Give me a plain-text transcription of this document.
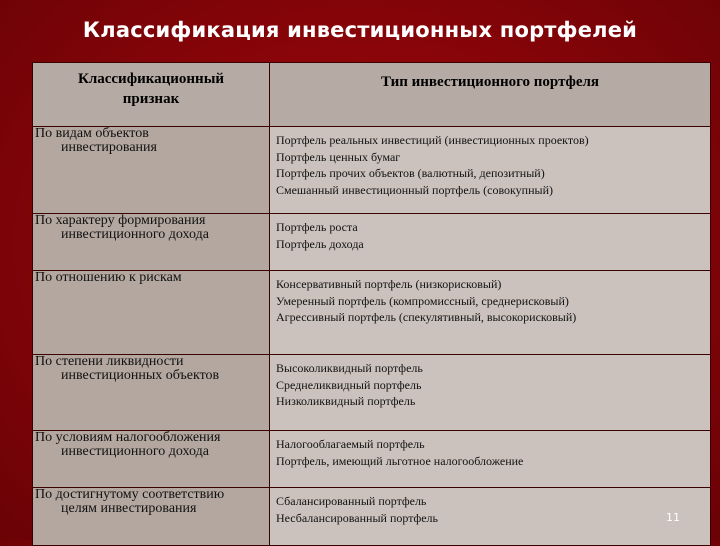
Классификация инвестиционных портфелей
Классификационный
признак	Тип инвестиционного портфеля

По видам объектов
инвестирования	Портфель реальных инвестиций (инвестиционных проектов)
Портфель ценных бумаг
Портфель прочих объектов (валютный, депозитный)
Смешанный инвестиционный портфель (совокупный)

По характеру формирования
инвестиционного дохода	Портфель роста
Портфель дохода

По отношению к рискам	Консервативный портфель (низкорисковый)
Умеренный портфель (компромиссный, среднерисковый)
Агрессивный портфель (спекулятивный, высокорисковый)

По степени ликвидности
инвестиционных объектов	Высоколиквидный портфель
Среднеликвидный портфель
Низколиквидный портфель

По условиям налогообложения
инвестиционного дохода	Налогооблагаемый портфель
Портфель, имеющий льготное налогообложение

По достигнутому соответствию
целям инвестирования	Сбалансированный портфель
Несбалансированный портфель	11
